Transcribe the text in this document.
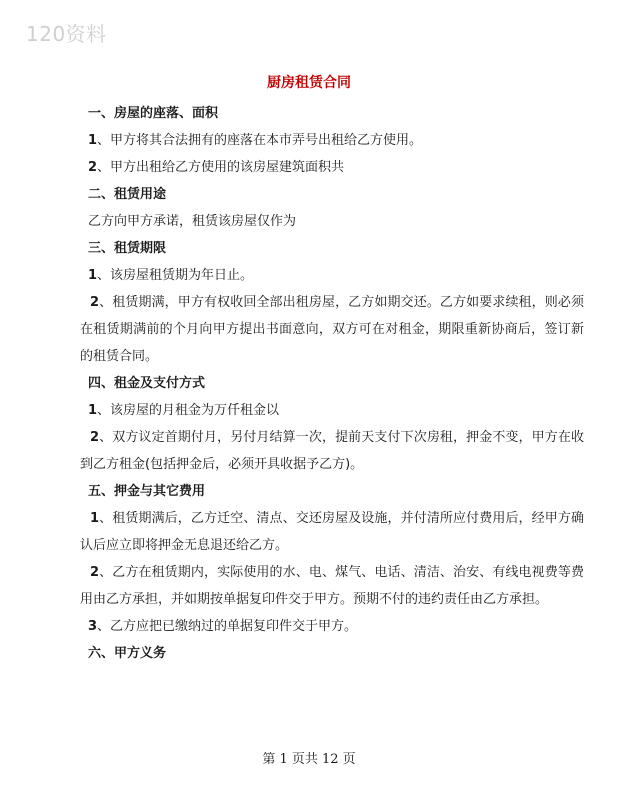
120资料
厨房租赁合同

一、房屋的座落、面积

1、甲方将其合法拥有的座落在本市弄号出租给乙方使用。

2、甲方出租给乙方使用的该房屋建筑面积共

二、租赁用途

乙方向甲方承诺，租赁该房屋仅作为

三、租赁期限

1、该房屋租赁期为年日止。

2、租赁期满，甲方有权收回全部出租房屋，乙方如期交还。乙方如要求续租，则必须在租赁期满前的个月向甲方提出书面意向，双方可在对租金，期限重新协商后，签订新的租赁合同。

四、租金及支付方式

1、该房屋的月租金为万仟租金以

2、双方议定首期付月，另付月结算一次，提前天支付下次房租，押金不变，甲方在收到乙方租金(包括押金后，必须开具收据予乙方)。

五、押金与其它费用

1、租赁期满后，乙方迁空、清点、交还房屋及设施，并付清所应付费用后，经甲方确认后应立即将押金无息退还给乙方。

2、乙方在租赁期内，实际使用的水、电、煤气、电话、清洁、治安、有线电视费等费用由乙方承担，并如期按单据复印件交于甲方。预期不付的违约责任由乙方承担。

3、乙方应把已缴纳过的单据复印件交于甲方。

六、甲方义务

第 1 页共 12 页
